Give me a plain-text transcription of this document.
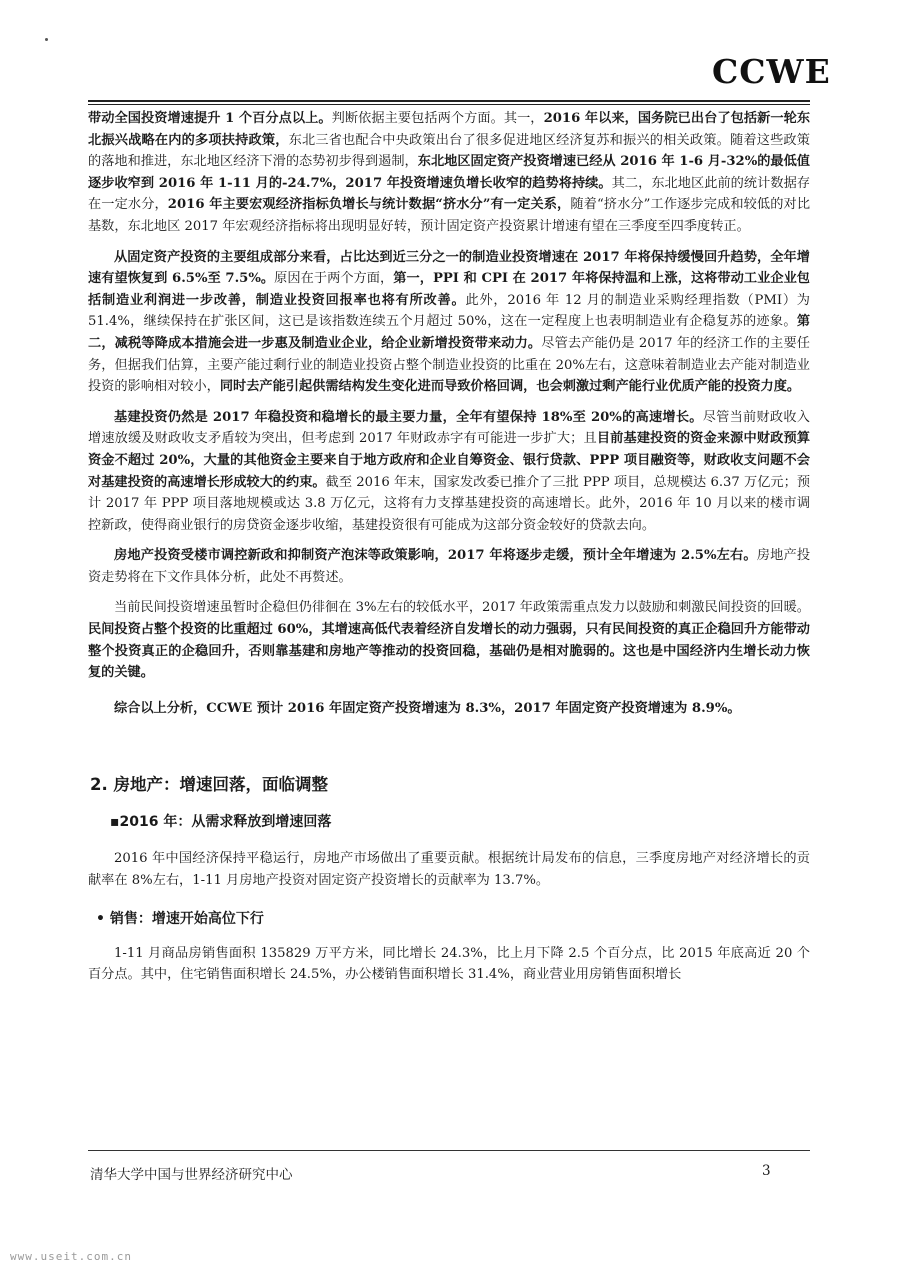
CCWE

带动全国投资增速提升 1 个百分点以上。判断依据主要包括两个方面。其一，2016 年以来，国务院已出台了包括新一轮东北振兴战略在内的多项扶持政策，东北三省也配合中央政策出台了很多促进地区经济复苏和振兴的相关政策。随着这些政策的落地和推进，东北地区经济下滑的态势初步得到遏制，东北地区固定资产投资增速已经从 2016 年 1-6 月-32%的最低值逐步收窄到 2016 年 1-11 月的-24.7%，2017 年投资增速负增长收窄的趋势将持续。其二，东北地区此前的统计数据存在一定水分，2016 年主要宏观经济指标负增长与统计数据“挤水分”有一定关系，随着“挤水分”工作逐步完成和较低的对比基数，东北地区 2017 年宏观经济指标将出现明显好转，预计固定资产投资累计增速有望在三季度至四季度转正。

从固定资产投资的主要组成部分来看，占比达到近三分之一的制造业投资增速在 2017 年将保持缓慢回升趋势，全年增速有望恢复到 6.5%至 7.5%。原因在于两个方面，第一，PPI 和 CPI 在 2017 年将保持温和上涨，这将带动工业企业包括制造业利润进一步改善，制造业投资回报率也将有所改善。此外，2016 年 12 月的制造业采购经理指数（PMI）为 51.4%，继续保持在扩张区间，这已是该指数连续五个月超过 50%，这在一定程度上也表明制造业有企稳复苏的迹象。第二，减税等降成本措施会进一步惠及制造业企业，给企业新增投资带来动力。尽管去产能仍是 2017 年的经济工作的主要任务，但据我们估算，主要产能过剩行业的制造业投资占整个制造业投资的比重在 20%左右，这意味着制造业去产能对制造业投资的影响相对较小，同时去产能引起供需结构发生变化进而导致价格回调，也会刺激过剩产能行业优质产能的投资力度。

基建投资仍然是 2017 年稳投资和稳增长的最主要力量，全年有望保持 18%至 20%的高速增长。尽管当前财政收入增速放缓及财政收支矛盾较为突出，但考虑到 2017 年财政赤字有可能进一步扩大；且目前基建投资的资金来源中财政预算资金不超过 20%，大量的其他资金主要来自于地方政府和企业自筹资金、银行贷款、PPP 项目融资等，财政收支问题不会对基建投资的高速增长形成较大的约束。截至 2016 年末，国家发改委已推介了三批 PPP 项目，总规模达 6.37 万亿元；预计 2017 年 PPP 项目落地规模或达 3.8 万亿元，这将有力支撑基建投资的高速增长。此外，2016 年 10 月以来的楼市调控新政，使得商业银行的房贷资金逐步收缩，基建投资很有可能成为这部分资金较好的贷款去向。

房地产投资受楼市调控新政和抑制资产泡沫等政策影响，2017 年将逐步走缓，预计全年增速为 2.5%左右。房地产投资走势将在下文作具体分析，此处不再赘述。

当前民间投资增速虽暂时企稳但仍徘徊在 3%左右的较低水平，2017 年政策需重点发力以鼓励和刺激民间投资的回暖。民间投资占整个投资的比重超过 60%，其增速高低代表着经济自发增长的动力强弱，只有民间投资的真正企稳回升方能带动整个投资真正的企稳回升，否则靠基建和房地产等推动的投资回稳，基础仍是相对脆弱的。这也是中国经济内生增长动力恢复的关键。

综合以上分析，CCWE 预计 2016 年固定资产投资增速为 8.3%，2017 年固定资产投资增速为 8.9%。

2. 房地产：增速回落，面临调整

▪2016 年：从需求释放到增速回落

2016 年中国经济保持平稳运行，房地产市场做出了重要贡献。根据统计局发布的信息，三季度房地产对经济增长的贡献率在 8%左右，1-11 月房地产投资对固定资产投资增长的贡献率为 13.7%。

• 销售：增速开始高位下行

1-11 月商品房销售面积 135829 万平方米，同比增长 24.3%，比上月下降 2.5 个百分点，比 2015 年底高近 20 个百分点。其中，住宅销售面积增长 24.5%，办公楼销售面积增长 31.4%，商业营业用房销售面积增长

清华大学中国与世界经济研究中心	3
www.useit.com.cn
